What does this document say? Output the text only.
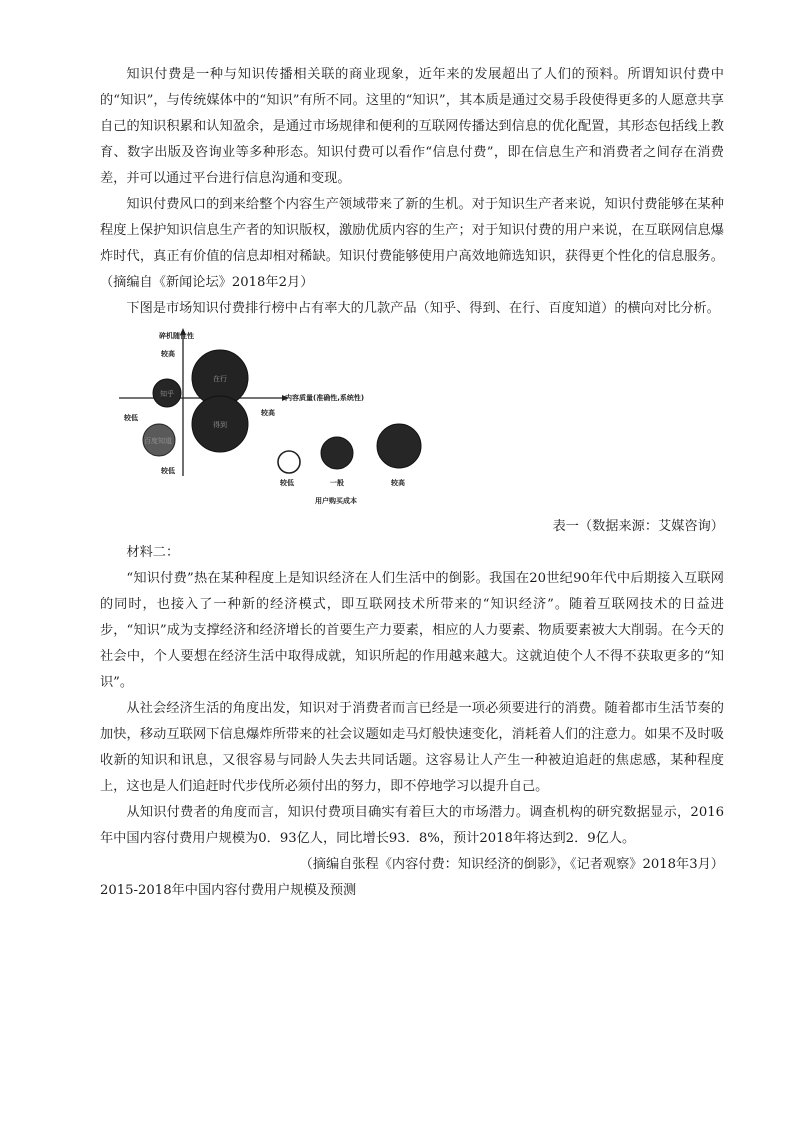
知识付费是一种与知识传播相关联的商业现象，近年来的发展超出了人们的预料。所谓知识付费中的“知识”，与传统媒体中的“知识”有所不同。这里的“知识”，其本质是通过交易手段使得更多的人愿意共享自己的知识积累和认知盈余，是通过市场规律和便利的互联网传播达到信息的优化配置，其形态包括线上教育、数字出版及咨询业等多种形态。知识付费可以看作“信息付费”，即在信息生产和消费者之间存在消费差，并可以通过平台进行信息沟通和变现。

知识付费风口的到来给整个内容生产领域带来了新的生机。对于知识生产者来说，知识付费能够在某种程度上保护知识信息生产者的知识版权，激励优质内容的生产；对于知识付费的用户来说，在互联网信息爆炸时代，真正有价值的信息却相对稀缺。知识付费能够使用户高效地筛选知识，获得更个性化的信息服务。（摘编自《新闻论坛》2018年2月）

下图是市场知识付费排行榜中占有率大的几款产品（知乎、得到、在行、百度知道）的横向对比分析。

碎机随性性
较高
较低
内容质量(准确性,系统性)
较低
较高
较低	一般	较高
用户购买成本
知乎
在行
得到
百度知道

表一（数据来源：艾媒咨询）

材料二：

“知识付费”热在某种程度上是知识经济在人们生活中的倒影。我国在20世纪90年代中后期接入互联网的同时，也接入了一种新的经济模式，即互联网技术所带来的“知识经济”。随着互联网技术的日益进步，“知识”成为支撑经济和经济增长的首要生产力要素，相应的人力要素、物质要素被大大削弱。在今天的社会中，个人要想在经济生活中取得成就，知识所起的作用越来越大。这就迫使个人不得不获取更多的“知识”。

从社会经济生活的角度出发，知识对于消费者而言已经是一项必须要进行的消费。随着都市生活节奏的加快，移动互联网下信息爆炸所带来的社会议题如走马灯般快速变化，消耗着人们的注意力。如果不及时吸收新的知识和讯息，又很容易与同龄人失去共同话题。这容易让人产生一种被迫追赶的焦虑感，某种程度上，这也是人们追赶时代步伐所必须付出的努力，即不停地学习以提升自己。

从知识付费者的角度而言，知识付费项目确实有着巨大的市场潜力。调查机构的研究数据显示，2016年中国内容付费用户规模为0．93亿人，同比增长93．8%，预计2018年将达到2．9亿人。

（摘编自张程《内容付费：知识经济的倒影》，《记者观察》2018年3月）

2015-2018年中国内容付费用户规模及预测
